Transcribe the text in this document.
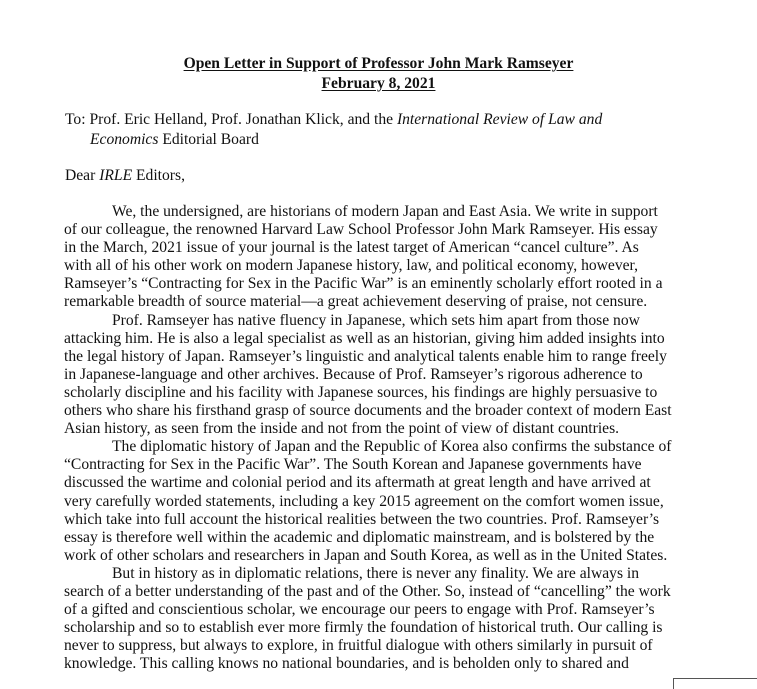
Open Letter in Support of Professor John Mark Ramseyer
February 8, 2021
To: Prof. Eric Helland, Prof. Jonathan Klick, and the International Review of Law and
Economics Editorial Board
Dear IRLE Editors,
We, the undersigned, are historians of modern Japan and East Asia. We write in support
of our colleague, the renowned Harvard Law School Professor John Mark Ramseyer. His essay
in the March, 2021 issue of your journal is the latest target of American “cancel culture”. As
with all of his other work on modern Japanese history, law, and political economy, however,
Ramseyer’s “Contracting for Sex in the Pacific War” is an eminently scholarly effort rooted in a
remarkable breadth of source material—a great achievement deserving of praise, not censure.
Prof. Ramseyer has native fluency in Japanese, which sets him apart from those now
attacking him. He is also a legal specialist as well as an historian, giving him added insights into
the legal history of Japan. Ramseyer’s linguistic and analytical talents enable him to range freely
in Japanese-language and other archives. Because of Prof. Ramseyer’s rigorous adherence to
scholarly discipline and his facility with Japanese sources, his findings are highly persuasive to
others who share his firsthand grasp of source documents and the broader context of modern East
Asian history, as seen from the inside and not from the point of view of distant countries.
The diplomatic history of Japan and the Republic of Korea also confirms the substance of
“Contracting for Sex in the Pacific War”. The South Korean and Japanese governments have
discussed the wartime and colonial period and its aftermath at great length and have arrived at
very carefully worded statements, including a key 2015 agreement on the comfort women issue,
which take into full account the historical realities between the two countries. Prof. Ramseyer’s
essay is therefore well within the academic and diplomatic mainstream, and is bolstered by the
work of other scholars and researchers in Japan and South Korea, as well as in the United States.
But in history as in diplomatic relations, there is never any finality. We are always in
search of a better understanding of the past and of the Other. So, instead of “cancelling” the work
of a gifted and conscientious scholar, we encourage our peers to engage with Prof. Ramseyer’s
scholarship and so to establish ever more firmly the foundation of historical truth. Our calling is
never to suppress, but always to explore, in fruitful dialogue with others similarly in pursuit of
knowledge. This calling knows no national boundaries, and is beholden only to shared and
